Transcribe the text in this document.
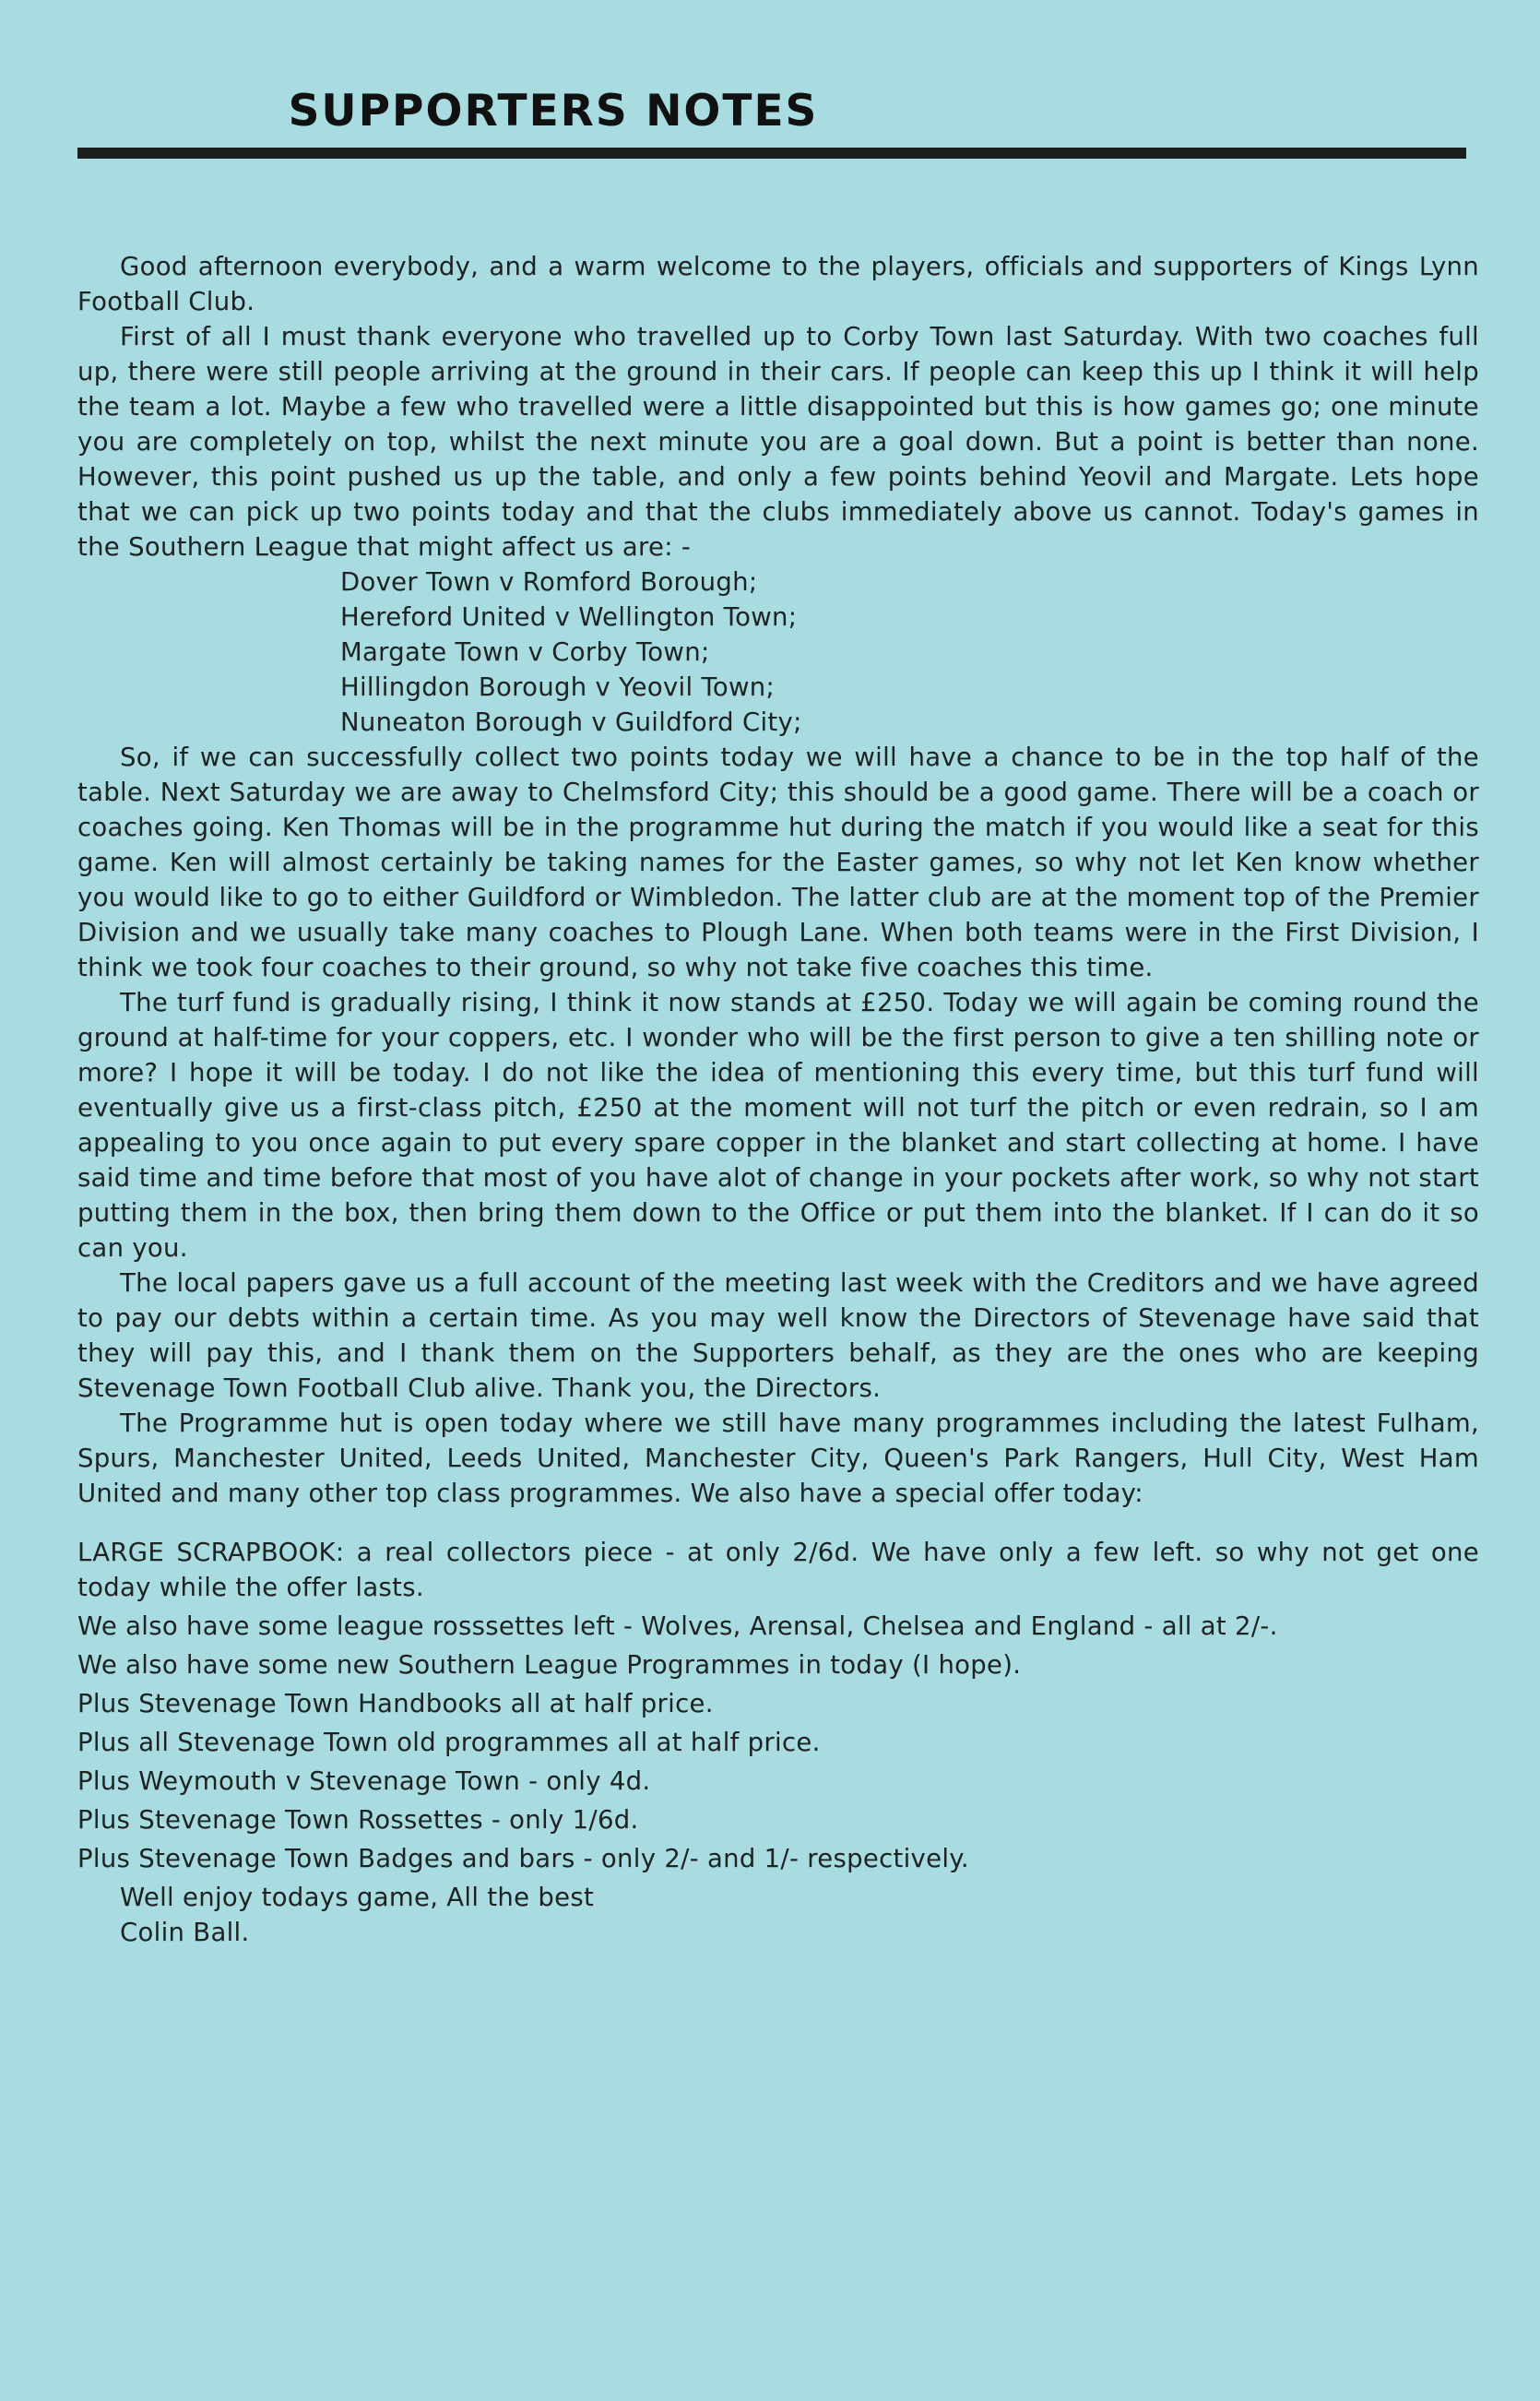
SUPPORTERS NOTES

Good afternoon everybody, and a warm welcome to the players, officials and supporters of Kings Lynn Football Club.

First of all I must thank everyone who travelled up to Corby Town last Saturday. With two coaches full up, there were still people arriving at the ground in their cars. If people can keep this up I think it will help the team a lot. Maybe a few who travelled were a little disappointed but this is how games go; one minute you are completely on top, whilst the next minute you are a goal down. But a point is better than none. However, this point pushed us up the table, and only a few points behind Yeovil and Margate. Lets hope that we can pick up two points today and that the clubs immediately above us cannot. Today's games in the Southern League that might affect us are: -

Dover Town v Romford Borough;
Hereford United v Wellington Town;
Margate Town v Corby Town;
Hillingdon Borough v Yeovil Town;
Nuneaton Borough v Guildford City;

So, if we can successfully collect two points today we will have a chance to be in the top half of the table. Next Saturday we are away to Chelmsford City; this should be a good game. There will be a coach or coaches going. Ken Thomas will be in the programme hut during the match if you would like a seat for this game. Ken will almost certainly be taking names for the Easter games, so why not let Ken know whether you would like to go to either Guildford or Wimbledon. The latter club are at the moment top of the Premier Division and we usually take many coaches to Plough Lane. When both teams were in the First Division, I think we took four coaches to their ground, so why not take five coaches this time.

The turf fund is gradually rising, I think it now stands at £250. Today we will again be coming round the ground at half-time for your coppers, etc. I wonder who will be the first person to give a ten shilling note or more? I hope it will be today. I do not like the idea of mentioning this every time, but this turf fund will eventually give us a first-class pitch, £250 at the moment will not turf the pitch or even redrain, so I am appealing to you once again to put every spare copper in the blanket and start collecting at home. I have said time and time before that most of you have alot of change in your pockets after work, so why not start putting them in the box, then bring them down to the Office or put them into the blanket. If I can do it so can you.

The local papers gave us a full account of the meeting last week with the Creditors and we have agreed to pay our debts within a certain time. As you may well know the Directors of Stevenage have said that they will pay this, and I thank them on the Supporters behalf, as they are the ones who are keeping Stevenage Town Football Club alive. Thank you, the Directors.

The Programme hut is open today where we still have many programmes including the latest Fulham, Spurs, Manchester United, Leeds United, Manchester City, Queen's Park Rangers, Hull City, West Ham United and many other top class programmes. We also have a special offer today:

LARGE SCRAPBOOK: a real collectors piece - at only 2/6d. We have only a few left. so why not get one today while the offer lasts.

We also have some league rosssettes left - Wolves, Arensal, Chelsea and England - all at 2/-.

We also have some new Southern League Programmes in today (I hope).

Plus Stevenage Town Handbooks all at half price.

Plus all Stevenage Town old programmes all at half price.

Plus Weymouth v Stevenage Town - only 4d.

Plus Stevenage Town Rossettes - only 1/6d.

Plus Stevenage Town Badges and bars - only 2/- and 1/- respectively.

Well enjoy todays game, All the best

Colin Ball.
